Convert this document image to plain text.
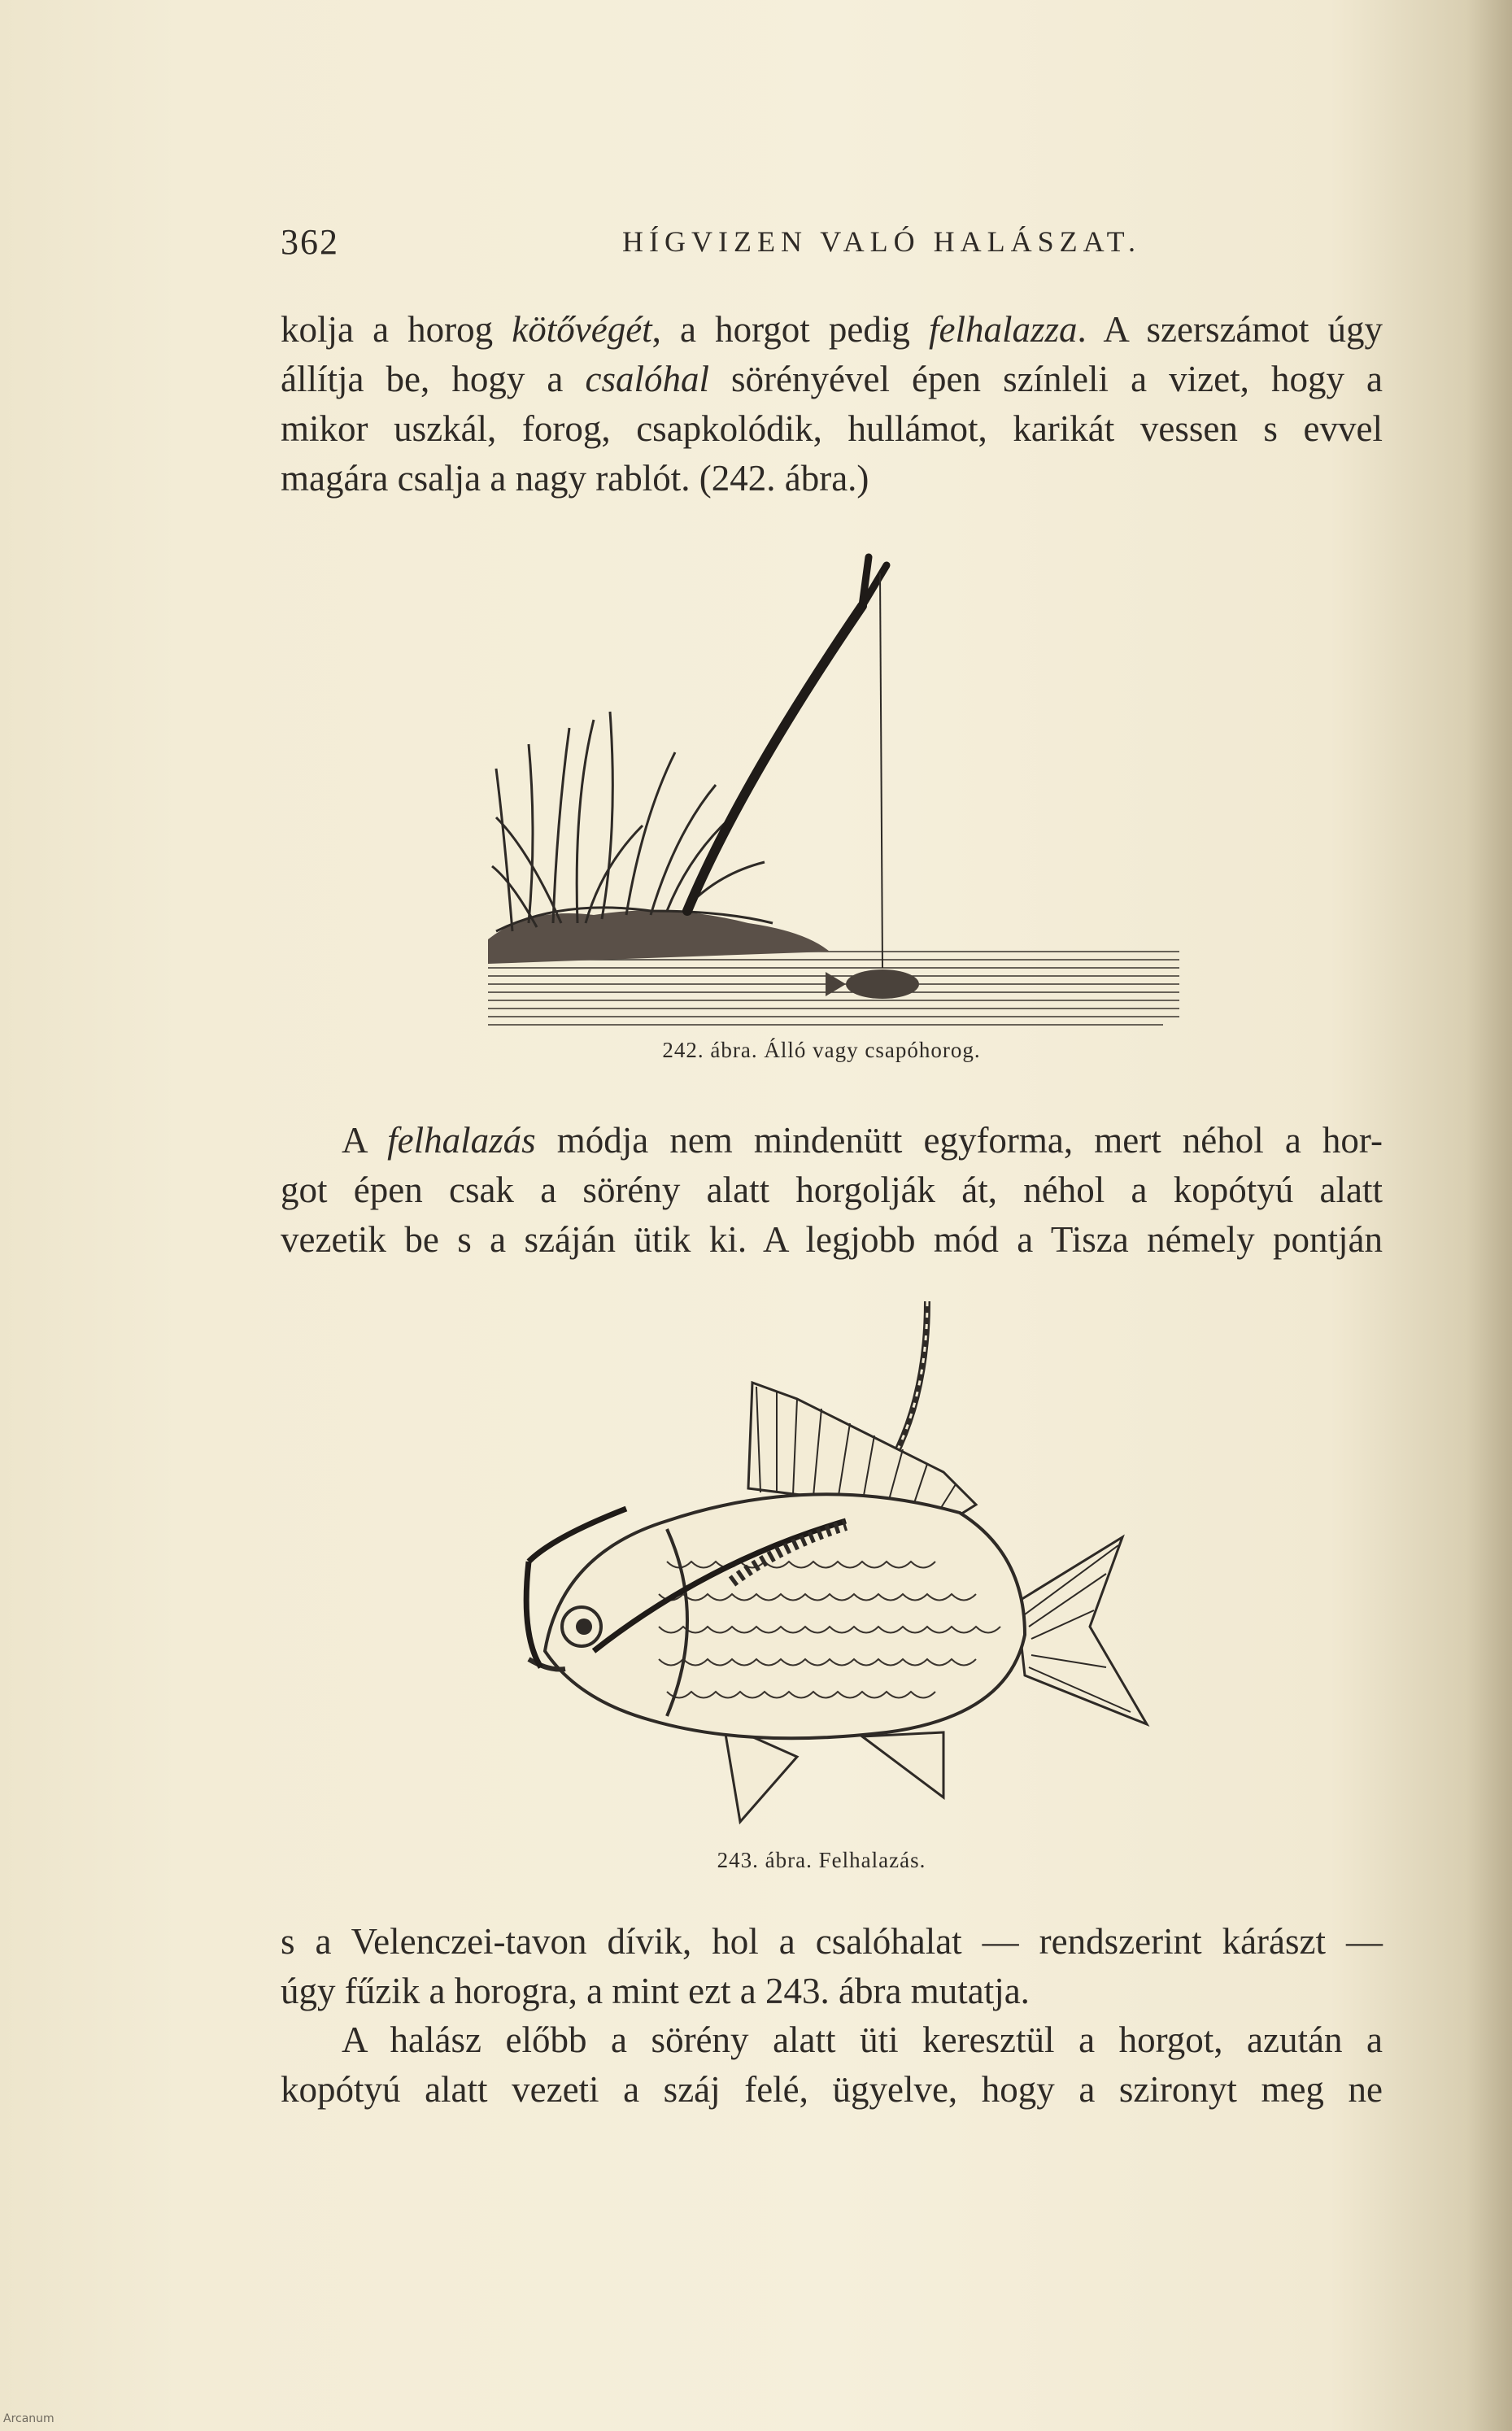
362	HÍGVIZEN VALÓ HALÁSZAT.
kolja a horog kötővégét, a horgot pedig felhalazza. A szerszámot úgy
állítja be, hogy a csalóhal sörényével épen színleli a vizet, hogy a
mikor uszkál, forog, csapkolódik, hullámot, karikát vessen s evvel
magára csalja a nagy rablót. (242. ábra.)
242. ábra. Álló vagy csapóhorog.
A felhalazás módja nem mindenütt egyforma, mert néhol a hor-
got épen csak a sörény alatt horgolják át, néhol a kopótyú alatt
vezetik be s a száján ütik ki. A legjobb mód a Tisza némely pontján
243. ábra. Felhalazás.
s a Velenczei-tavon dívik, hol a csalóhalat — rendszerint kárászt —
úgy fűzik a horogra, a mint ezt a 243. ábra mutatja.
A halász előbb a sörény alatt üti keresztül a horgot, azután a
kopótyú alatt vezeti a száj felé, ügyelve, hogy a szironyt meg ne
Arcanum
